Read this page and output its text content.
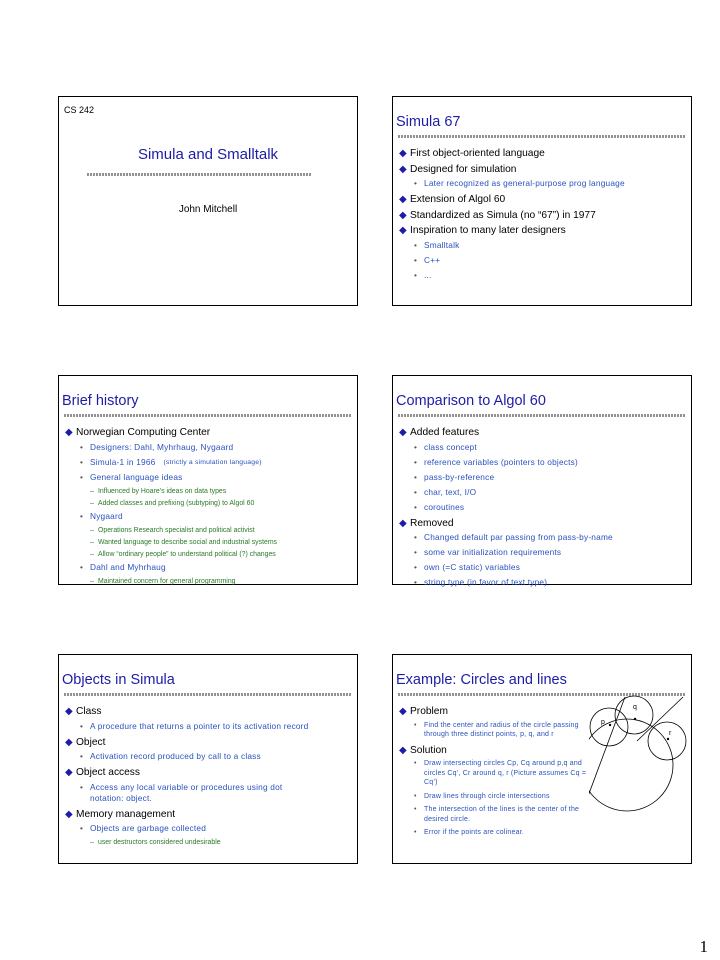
CS 242
Simula and Smalltalk
John Mitchell
Simula 67
◆ First object-oriented language
◆ Designed for simulation
• Later recognized as general-purpose prog language
◆ Extension of Algol 60
◆ Standardized as Simula (no “67”) in 1977
◆ Inspiration to many later designers
• Smalltalk
• C++
• ...
Brief history
◆ Norwegian Computing Center
• Designers: Dahl, Myhrhaug, Nygaard
• Simula-1 in 1966 (strictly a simulation language)
• General language ideas
– Influenced by Hoare’s ideas on data types
– Added classes and prefixing (subtyping) to Algol 60
• Nygaard
– Operations Research specialist and political activist
– Wanted language to describe social and industrial systems
– Allow “ordinary people” to understand political (?) changes
• Dahl and Myhrhaug
– Maintained concern for general programming
Comparison to Algol 60
◆ Added features
• class concept
• reference variables (pointers to objects)
• pass-by-reference
• char, text, I/O
• coroutines
◆ Removed
• Changed default par passing from pass-by-name
• some var initialization requirements
• own (=C static) variables
• string type (in favor of text type)
Objects in Simula
◆ Class
• A procedure that returns a pointer to its activation record
◆ Object
• Activation record produced by call to a class
◆ Object access
• Access any local variable or procedures using dot notation: object.
◆ Memory management
• Objects are garbage collected
– user destructors considered undesirable
Example: Circles and lines
◆ Problem
•	Find the center and radius of the circle passing through three distinct points, p, q, and r
◆ Solution
•	Draw intersecting circles Cp, Cq around p,q and circles Cq’, Cr around q, r (Picture assumes Cq = Cq’)
•	Draw lines through circle intersections
•	The intersection of the lines is the center of the desired circle.
•	Error if the points are colinear.
p
q
r
1
